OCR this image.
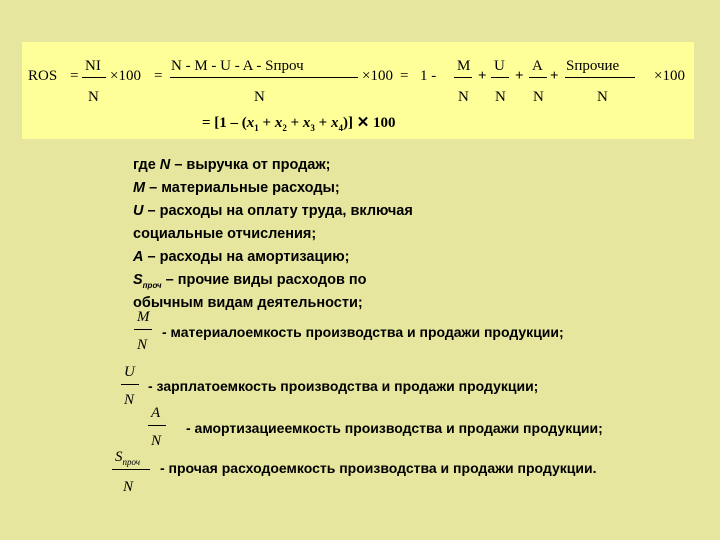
ROS =
NI
N
×100 =
N - M - U - A - Sпроч
N
×100 = 1 -
M
N
+
U
N
+
A
N
+
Sпрочие
N
×100
= $[1 - (x_1 + x_2 + x_3 + x_4)]$ ✕ 100
где N – выручка от продаж;
M – материальные расходы;
U – расходы на оплату труда, включая
социальные отчисления;
A – расходы на амортизацию;
$S_{проч}$ – прочие виды расходов по
обычным видам деятельности;
M
N
- материалоемкость производства и продажи продукции;
U
N
- зарплатоемкость производства и продажи продукции;
A
N
- амортизациеемкость производства и продажи продукции;
$S_{проч}$
N
- прочая расходоемкость производства и продажи продукции.
